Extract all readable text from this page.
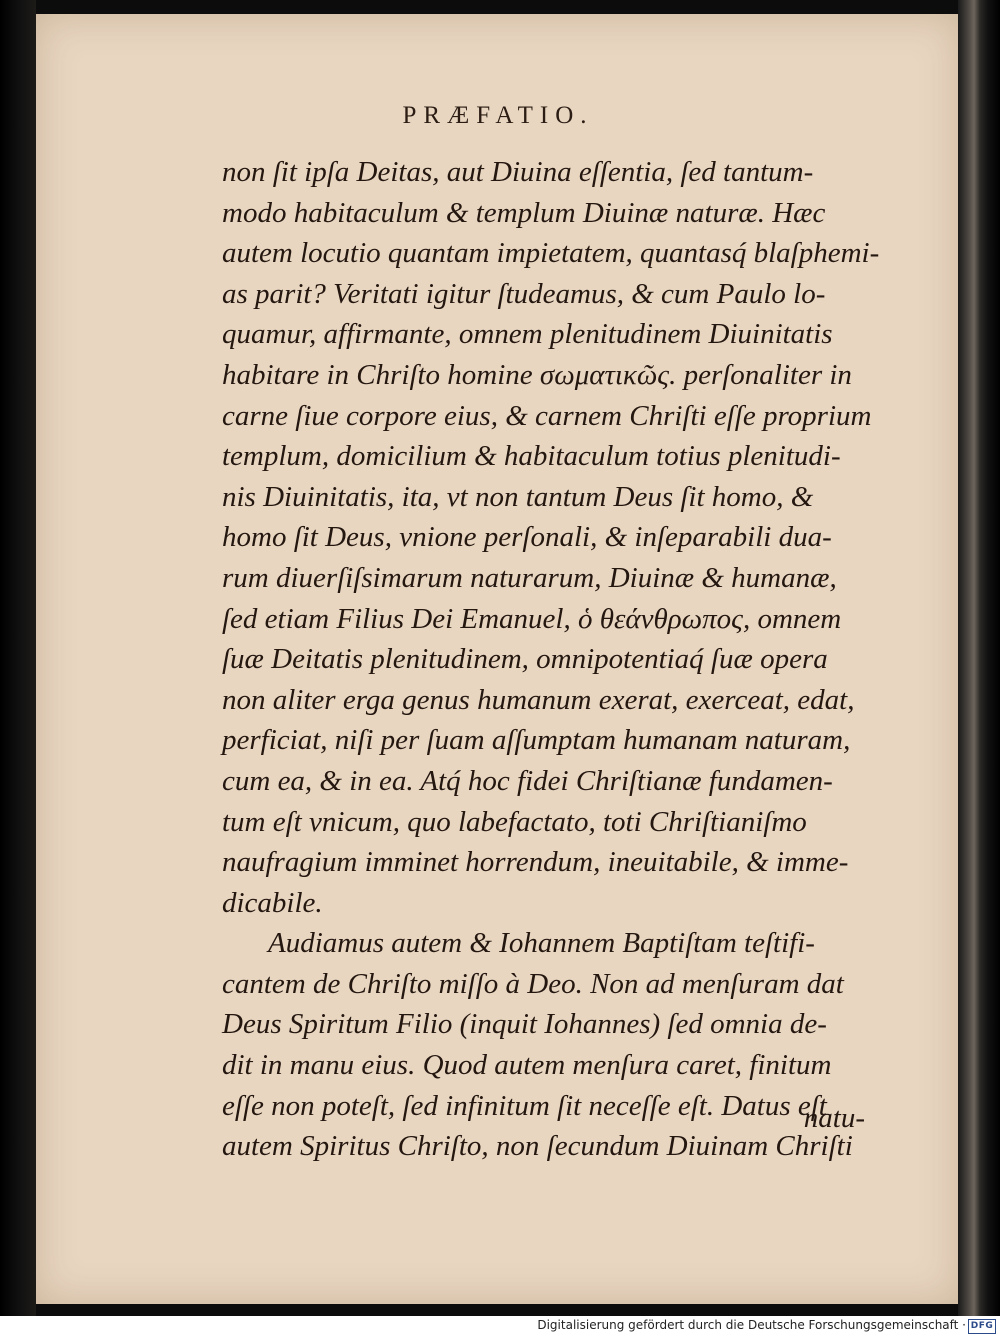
PRÆFATIO.
non ſit ipſa Deitas, aut Diuina eſſentia, ſed tantum-
modo habitaculum & templum Diuinæ naturæ. Hæc
autem locutio quantam impietatem, quantasq́ blaſphemi-
as parit? Veritati igitur ſtudeamus, & cum Paulo lo-
quamur, affirmante, omnem plenitudinem Diuinitatis
habitare in Chriſto homine σωματικῶς. perſonaliter in
carne ſiue corpore eius, & carnem Chriſti eſſe proprium
templum, domicilium & habitaculum totius plenitudi-
nis Diuinitatis, ita, vt non tantum Deus ſit homo, &
homo ſit Deus, vnione perſonali, & inſeparabili dua-
rum diuerſiſsimarum naturarum, Diuinæ & humanæ,
ſed etiam Filius Dei Emanuel, ὁ θεάνθρωπος, omnem
ſuæ Deitatis plenitudinem, omnipotentiaq́ ſuæ opera
non aliter erga genus humanum exerat, exerceat, edat,
perficiat, niſi per ſuam aſſumptam humanam naturam,
cum ea, & in ea. Atq́ hoc fidei Chriſtianæ fundamen-
tum eſt vnicum, quo labefactato, toti Chriſtianiſmo
naufragium imminet horrendum, ineuitabile, & imme-
dicabile.
Audiamus autem & Iohannem Baptiſtam teſtifi-
cantem de Chriſto miſſo à Deo. Non ad menſuram dat
Deus Spiritum Filio (inquit Iohannes) ſed omnia de-
dit in manu eius. Quod autem menſura caret, finitum
eſſe non poteſt, ſed infinitum ſit neceſſe eſt. Datus eſt
autem Spiritus Chriſto, non ſecundum Diuinam Chriſti
natu-
Digitalisierung gefördert durch die Deutsche Forschungsgemeinschaft · DFG
